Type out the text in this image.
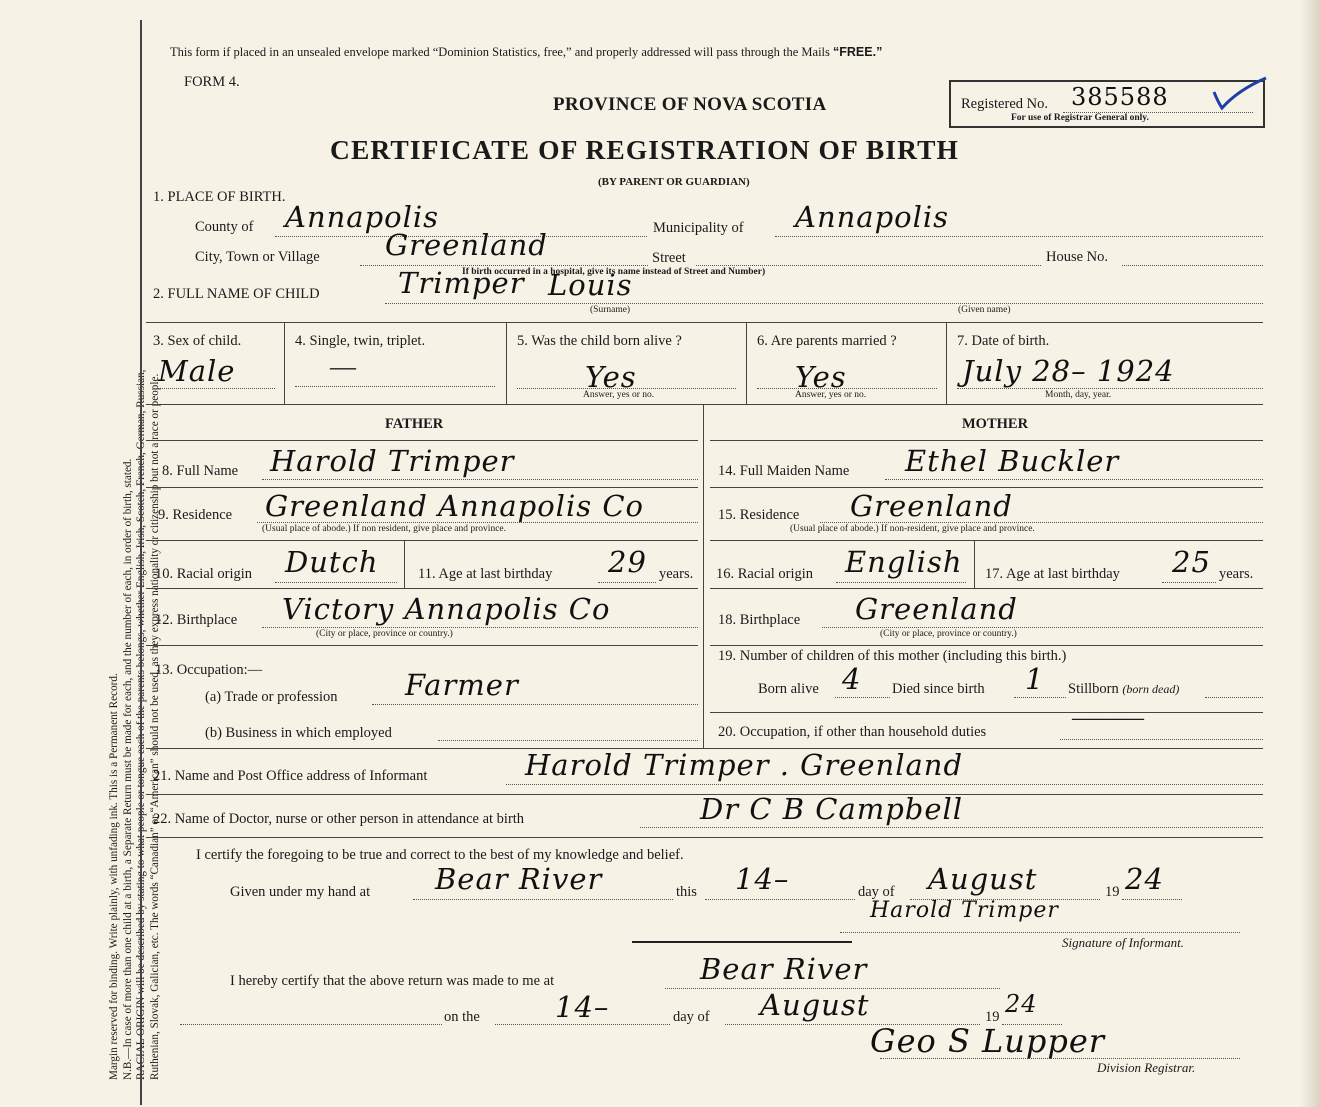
Margin reserved for binding. Write plainly, with unfading ink. This is a Permanent Record. N.B.—In case of more than one child at a birth, a Separate Return must be made for each, and the number of each, in order of birth, stated. RACIAL ORIGIN will be described by stating to what people or tongue each of the parents belongs, whether English, Irish, Scotch, French, German, Russian, Ruthenian, Slovak, Galician, etc. The words “Canadian” or “American” should not be used, as they express nationality or citizenship but not a race or people.
This form if placed in an unsealed envelope marked “Dominion Statistics, free,” and properly addressed will pass through the Mails “FREE.”
FORM 4.
PROVINCE OF NOVA SCOTIA
CERTIFICATE OF REGISTRATION OF BIRTH
(BY PARENT OR GUARDIAN)
Registered No. 385588
For use of Registrar General only.
1. PLACE OF BIRTH.
County of Annapolis	Municipality of Annapolis
City, Town or Village Greenland	Street	House No.
If birth occurred in a hospital, give its name instead of Street and Number)
2. FULL NAME OF CHILD	Trimper Louis
(Surname)	(Given name)
3. Sex of child.
Male
4. Single, twin, triplet.
—
5. Was the child born alive ?
Yes
Answer, yes or no.
6. Are parents married ?
Yes
Answer, yes or no.
7. Date of birth.
July 28– 1924
Month, day, year.
FATHER	MOTHER
8. Full Name Harold Trimper	14. Full Maiden Name Ethel Buckler
9. Residence Greenland Annapolis Co
(Usual place of abode.) If non resident, give place and province.
15. Residence Greenland
(Usual place of abode.) If non-resident, give place and province.
10. Racial origin Dutch	11. Age at last birthday 29 years. 16. Racial origin English 17. Age at last birthday 25 years.
12. Birthplace Victory Annapolis Co
(City or place, province or country.)
18. Birthplace Greenland
(City or place, province or country.)
13. Occupation:—
(a) Trade or profession Farmer
(b) Business in which employed
19. Number of children of this mother (including this birth.)
Born alive 4 Died since birth 1 Stillborn (born dead)
20. Occupation, if other than household duties
———
21. Name and Post Office address of Informant	Harold Trimper . Greenland
22. Name of Doctor, nurse or other person in attendance at birth	Dr C B Campbell
I certify the foregoing to be true and correct to the best of my knowledge and belief.
Given under my hand at Bear River	this 14–	day of August	19 24
Harold Trimper
Signature of Informant.
I hereby certify that the above return was made to me at	Bear River
on the	14–	day of August	19 24
Geo S Lupper
Division Registrar.
